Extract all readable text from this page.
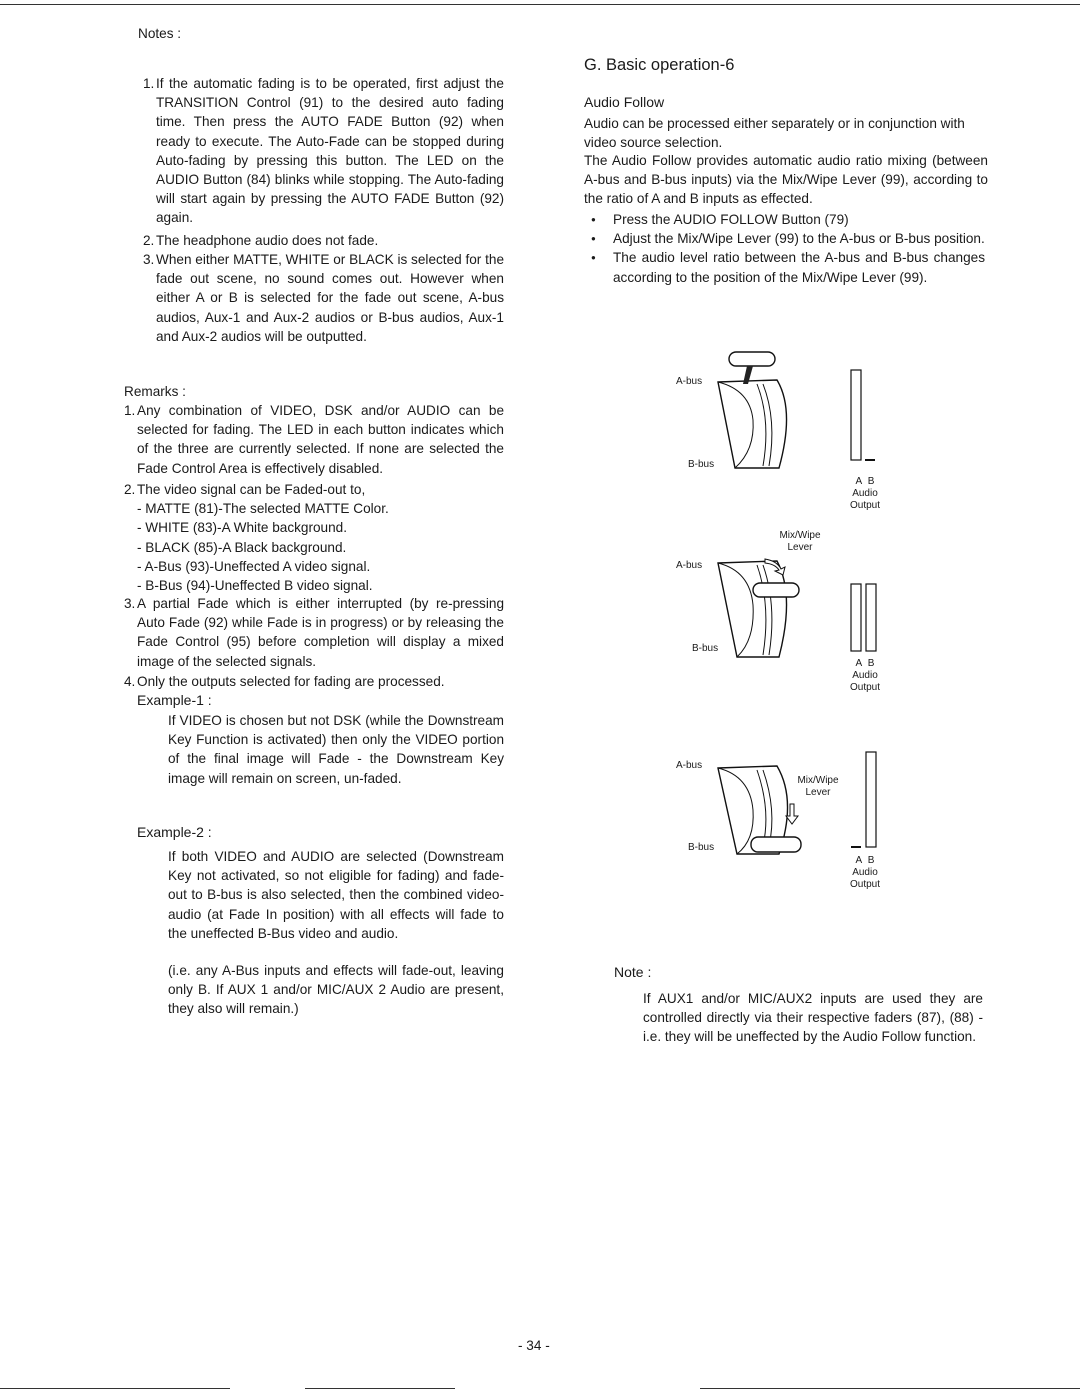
Notes :
1. If the automatic fading is to be operated, first adjust the TRANSITION Control (91) to the desired auto fading time. Then press the AUTO FADE Button (92) when ready to execute. The Auto-Fade can be stopped during Auto-fading by pressing this button. The LED on the AUDIO Button (84) blinks while stopping. The Auto-fading will start again by pressing the AUTO FADE Button (92) again.
2. The headphone audio does not fade.
3. When either MATTE, WHITE or BLACK is selected for the fade out scene, no sound comes out. However when either A or B is selected for the fade out scene, A-bus audios, Aux-1 and Aux-2 audios or B-bus audios, Aux-1 and Aux-2 audios will be outputted.
Remarks :
1. Any combination of VIDEO, DSK and/or AUDIO can be selected for fading. The LED in each button indicates which of the three are currently selected. If none are selected the Fade Control Area is effectively disabled.
2. The video signal can be Faded-out to,
- MATTE (81)-The selected MATTE Color.
- WHITE (83)-A White background.
- BLACK (85)-A Black background.
- A-Bus (93)-Uneffected A video signal.
- B-Bus (94)-Uneffected B video signal.
3. A partial Fade which is either interrupted (by re-pressing Auto Fade (92) while Fade is in progress) or by releasing the Fade Control (95) before completion will display a mixed image of the selected signals.
4. Only the outputs selected for fading are processed.
Example-1 :
If VIDEO is chosen but not DSK (while the Downstream Key Function is activated) then only the VIDEO portion of the final image will Fade - the Downstream Key image will remain on screen, un-faded.
Example-2 :
If both VIDEO and AUDIO are selected (Downstream Key not activated, so not eligible for fading) and fade-out to B-bus is also selected, then the combined video-audio (at Fade In position) with all effects will fade to the uneffected B-Bus video and audio.
(i.e. any A-Bus inputs and effects will fade-out, leaving only B. If AUX 1 and/or MIC/AUX 2 Audio are present, they also will remain.)
G. Basic operation-6
Audio Follow
Audio can be processed either separately or in conjunction with video source selection.
The Audio Follow provides automatic audio ratio mixing (between A-bus and B-bus inputs) via the Mix/Wipe Lever (99), according to the ratio of A and B inputs as effected.
● Press the AUDIO FOLLOW Button (79)
● Adjust the Mix/Wipe Lever (99) to the A-bus or B-bus position.
● The audio level ratio between the A-bus and B-bus changes according to the position of the Mix/Wipe Lever (99).
A-bus
B-bus
A B
Audio Output
Mix/Wipe Lever
A-bus
B-bus
A B
Audio Output
A-bus
Mix/Wipe Lever
B-bus
A B
Audio Output
Note :
If AUX1 and/or MIC/AUX2 inputs are used they are controlled directly via their respective faders (87), (88) - i.e. they will be uneffected by the Audio Follow function.
- 34 -
